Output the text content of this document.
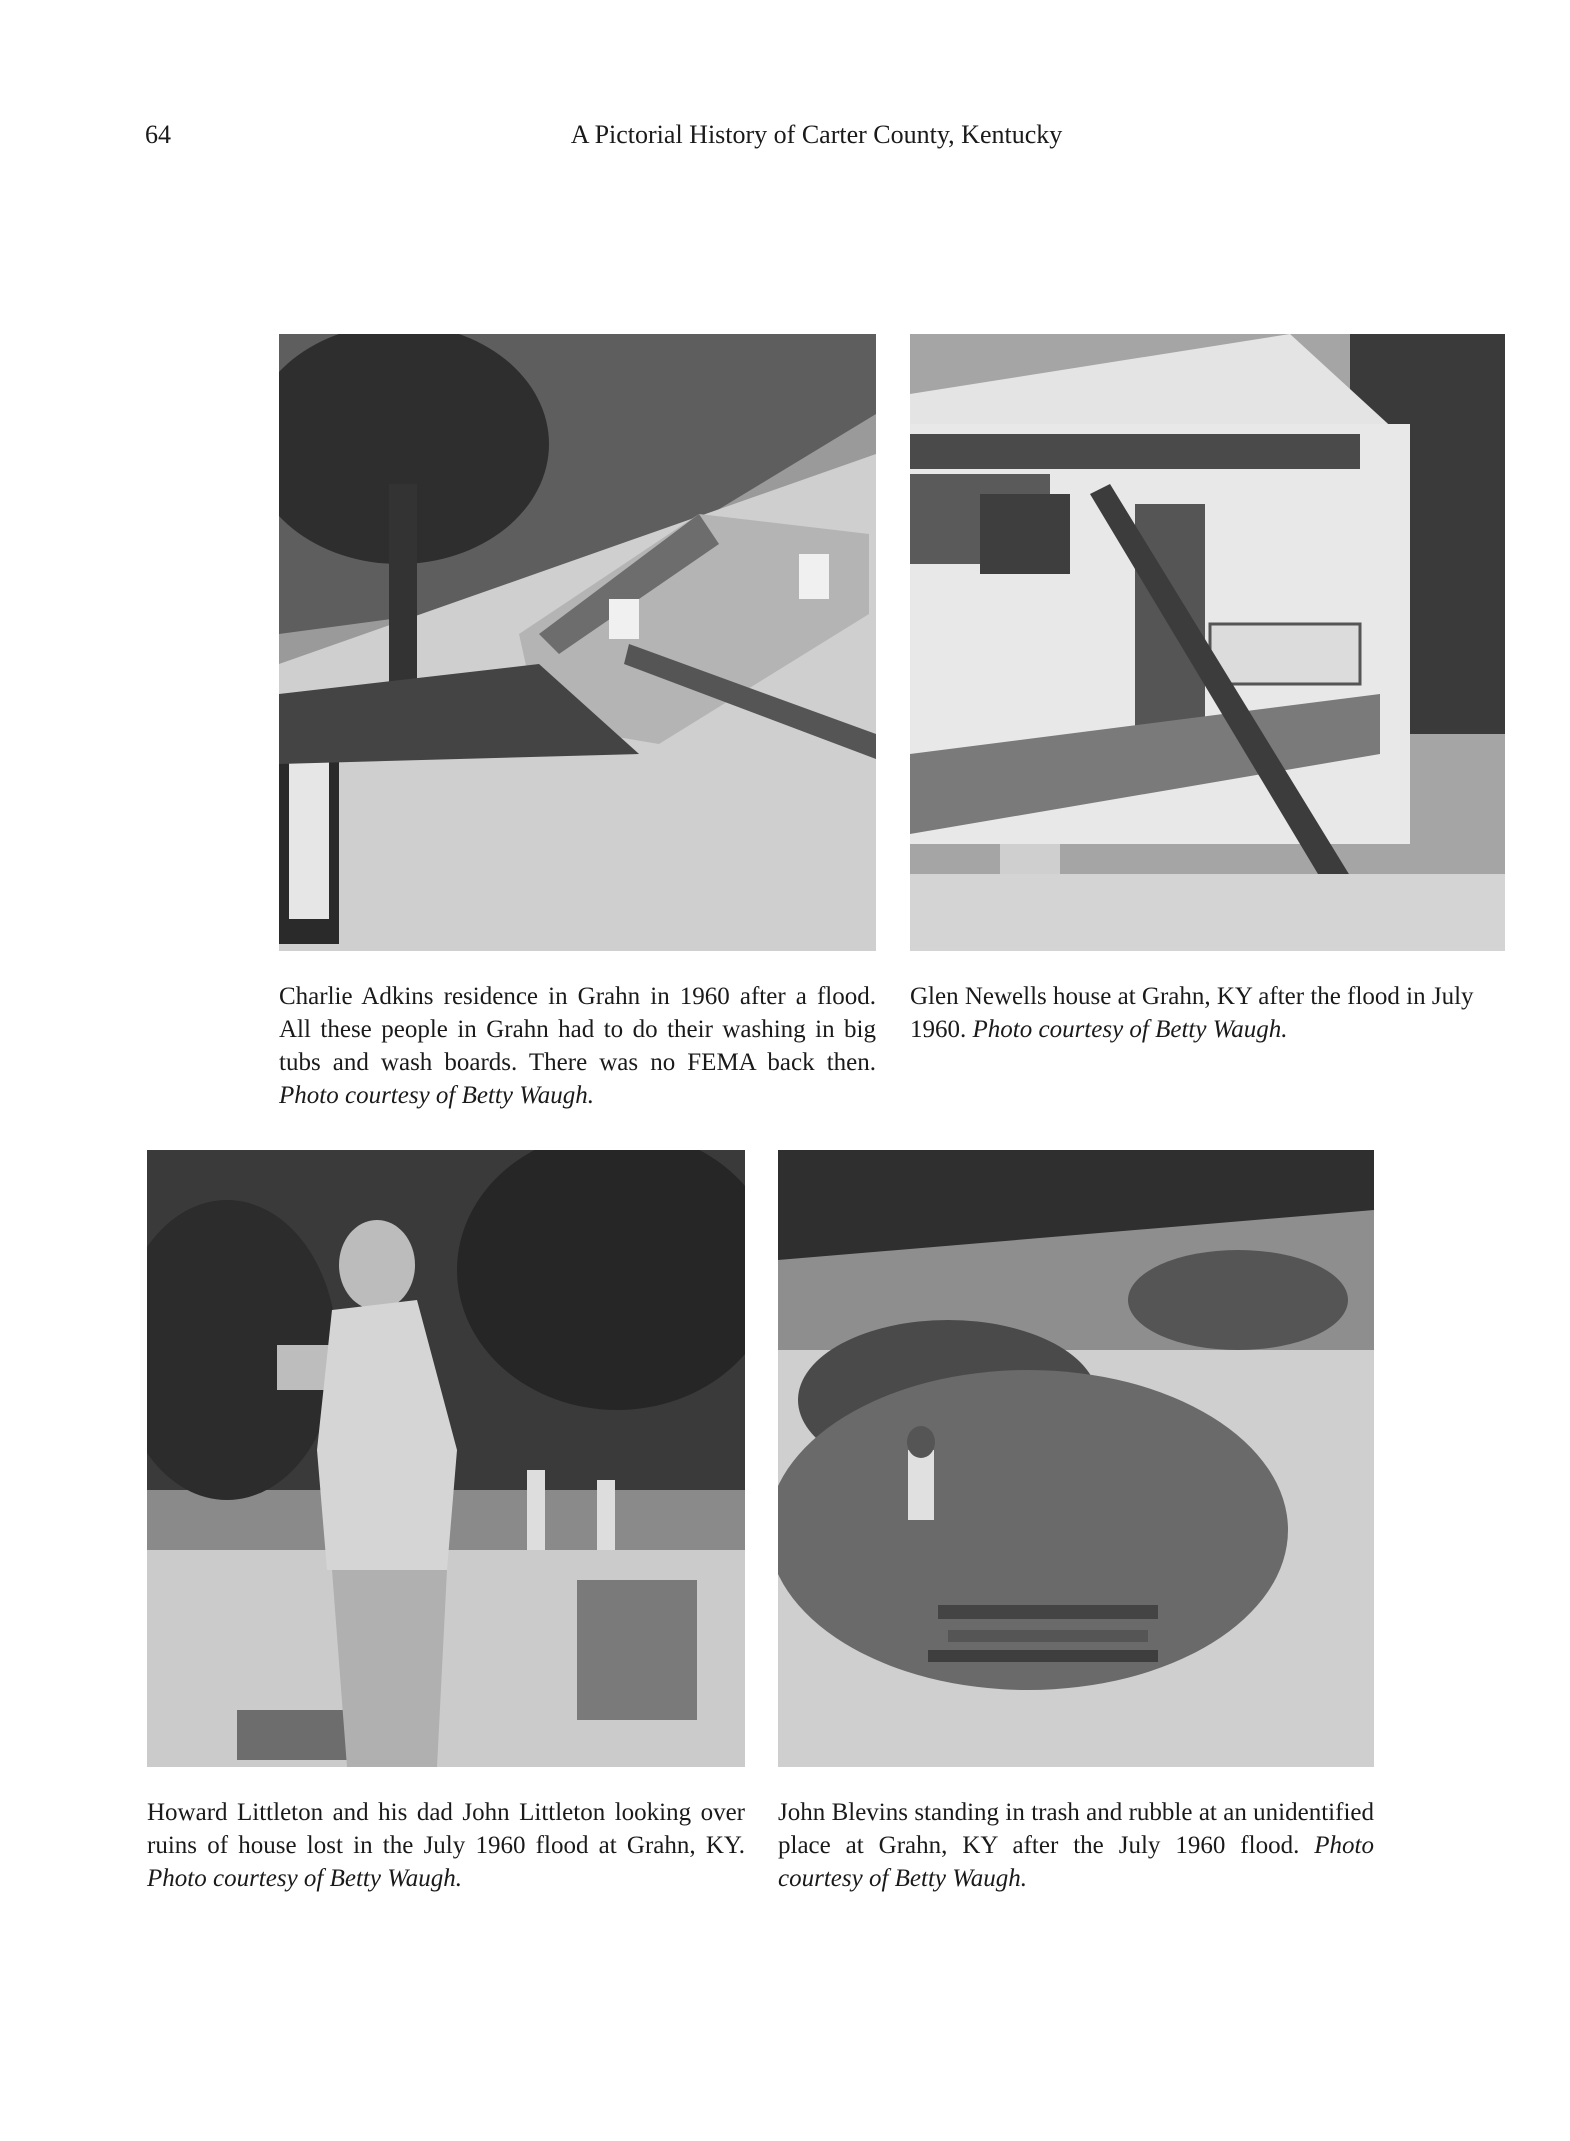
64	A Pictorial History of Carter County, Kentucky
Charlie Adkins residence in Grahn in 1960 after a flood. All these people in Grahn had to do their washing in big tubs and wash boards. There was no FEMA back then. Photo courtesy of Betty Waugh.
Glen Newells house at Grahn, KY after the flood in July 1960. Photo courtesy of Betty Waugh.
Howard Littleton and his dad John Littleton looking over ruins of house lost in the July 1960 flood at Grahn, KY. Photo courtesy of Betty Waugh.
John Blevins standing in trash and rubble at an unidentified place at Grahn, KY after the July 1960 flood. Photo courtesy of Betty Waugh.
